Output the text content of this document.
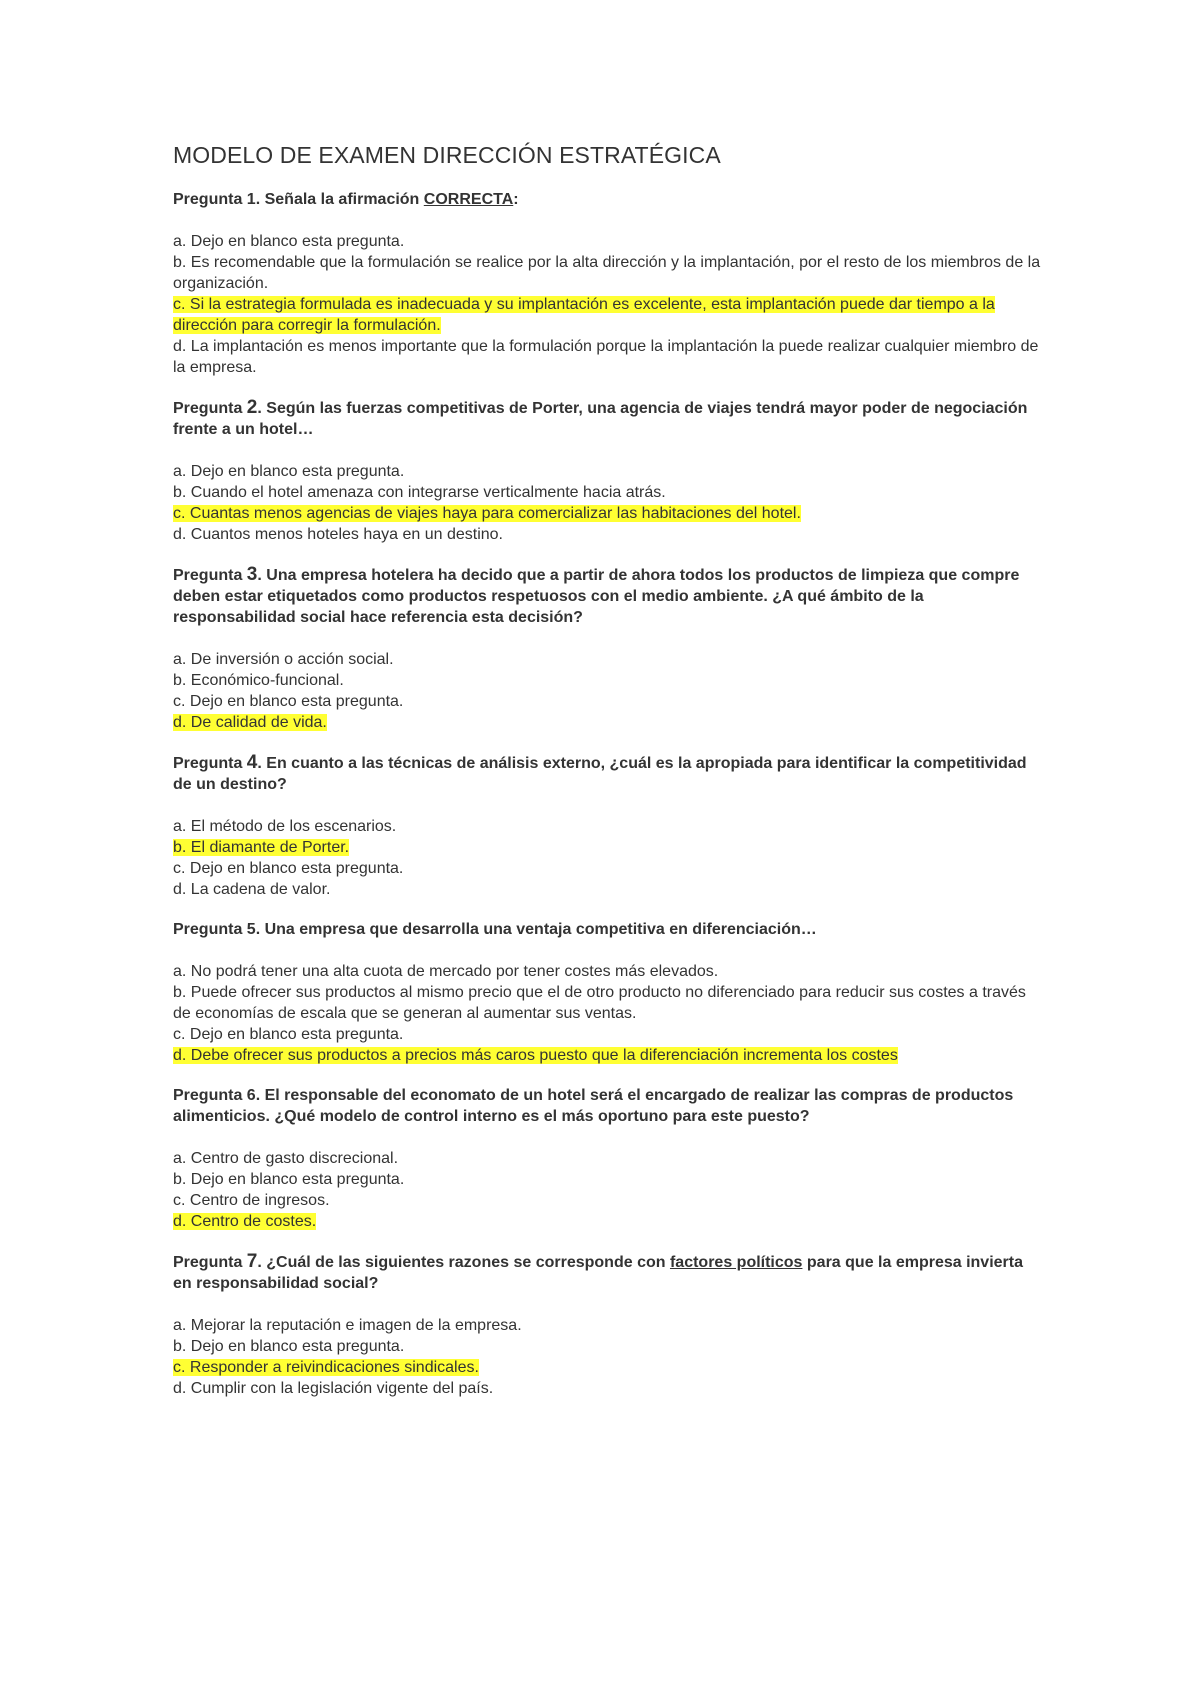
MODELO DE EXAMEN DIRECCIÓN ESTRATÉGICA
Pregunta 1. Señala la afirmación CORRECTA:
a. Dejo en blanco esta pregunta.
b. Es recomendable que la formulación se realice por la alta dirección y la implantación, por el resto de los miembros de la organización.
c. Si la estrategia formulada es inadecuada y su implantación es excelente, esta implantación puede dar tiempo a la dirección para corregir la formulación.
d. La implantación es menos importante que la formulación porque la implantación la puede realizar cualquier miembro de la empresa.
Pregunta 2. Según las fuerzas competitivas de Porter, una agencia de viajes tendrá mayor poder de negociación frente a un hotel…
a. Dejo en blanco esta pregunta.
b. Cuando el hotel amenaza con integrarse verticalmente hacia atrás.
c. Cuantas menos agencias de viajes haya para comercializar las habitaciones del hotel.
d. Cuantos menos hoteles haya en un destino.
Pregunta 3. Una empresa hotelera ha decido que a partir de ahora todos los productos de limpieza que compre deben estar etiquetados como productos respetuosos con el medio ambiente. ¿A qué ámbito de la responsabilidad social hace referencia esta decisión?
a. De inversión o acción social.
b. Económico-funcional.
c. Dejo en blanco esta pregunta.
d. De calidad de vida.
Pregunta 4. En cuanto a las técnicas de análisis externo, ¿cuál es la apropiada para identificar la competitividad de un destino?
a. El método de los escenarios.
b. El diamante de Porter.
c. Dejo en blanco esta pregunta.
d. La cadena de valor.
Pregunta 5. Una empresa que desarrolla una ventaja competitiva en diferenciación…
a. No podrá tener una alta cuota de mercado por tener costes más elevados.
b. Puede ofrecer sus productos al mismo precio que el de otro producto no diferenciado para reducir sus costes a través de economías de escala que se generan al aumentar sus ventas.
c. Dejo en blanco esta pregunta.
d. Debe ofrecer sus productos a precios más caros puesto que la diferenciación incrementa los costes
Pregunta 6. El responsable del economato de un hotel será el encargado de realizar las compras de productos alimenticios. ¿Qué modelo de control interno es el más oportuno para este puesto?
a. Centro de gasto discrecional.
b. Dejo en blanco esta pregunta.
c. Centro de ingresos.
d. Centro de costes.
Pregunta 7. ¿Cuál de las siguientes razones se corresponde con factores políticos para que la empresa invierta en responsabilidad social?
a. Mejorar la reputación e imagen de la empresa.
b. Dejo en blanco esta pregunta.
c. Responder a reivindicaciones sindicales.
d. Cumplir con la legislación vigente del país.
